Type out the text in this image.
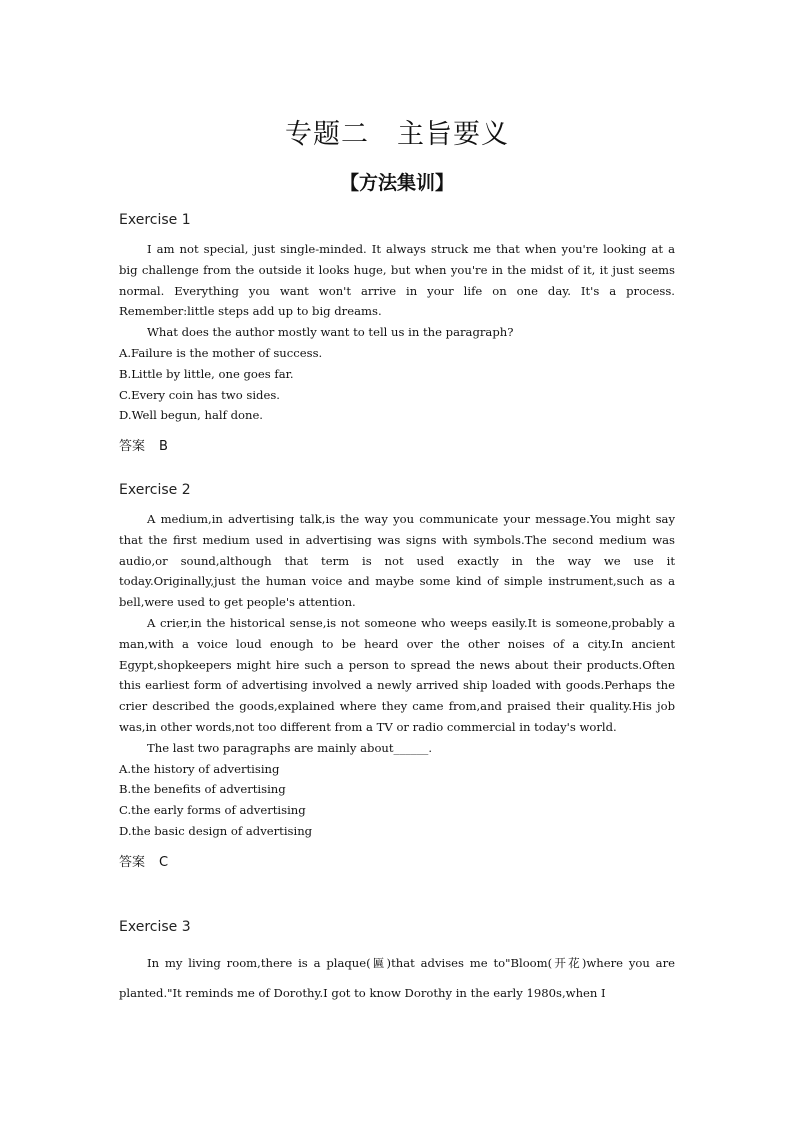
专题二　主旨要义
【方法集训】
Exercise 1

I am not special, just single-minded. It always struck me that when you're looking at a big challenge from the outside it looks huge, but when you're in the midst of it, it just seems normal. Everything you want won't arrive in your life on one day. It's a process. Remember:little steps add up to big dreams.

What does the author mostly want to tell us in the paragraph?

A.Failure is the mother of success.
B.Little by little, one goes far.
C.Every coin has two sides.
D.Well begun, half done.
答案 B
Exercise 2

A medium,in advertising talk,is the way you communicate your message.You might say that the first medium used in advertising was signs with symbols.The second medium was audio,or sound,although that term is not used exactly in the way we use it today.Originally,just the human voice and maybe some kind of simple instrument,such as a bell,were used to get people's attention.

A crier,in the historical sense,is not someone who weeps easily.It is someone,probably a man,with a voice loud enough to be heard over the other noises of a city.In ancient Egypt,shopkeepers might hire such a person to spread the news about their products.Often this earliest form of advertising involved a newly arrived ship loaded with goods.Perhaps the crier described the goods,explained where they came from,and praised their quality.His job was,in other words,not too different from a TV or radio commercial in today's world.

The last two paragraphs are mainly about______.

A.the history of advertising
B.the benefits of advertising
C.the early forms of advertising
D.the basic design of advertising
答案 C
Exercise 3

In my living room,there is a plaque(匾)that advises me to"Bloom(开花)where you are planted."It reminds me of Dorothy.I got to know Dorothy in the early 1980s,when I
